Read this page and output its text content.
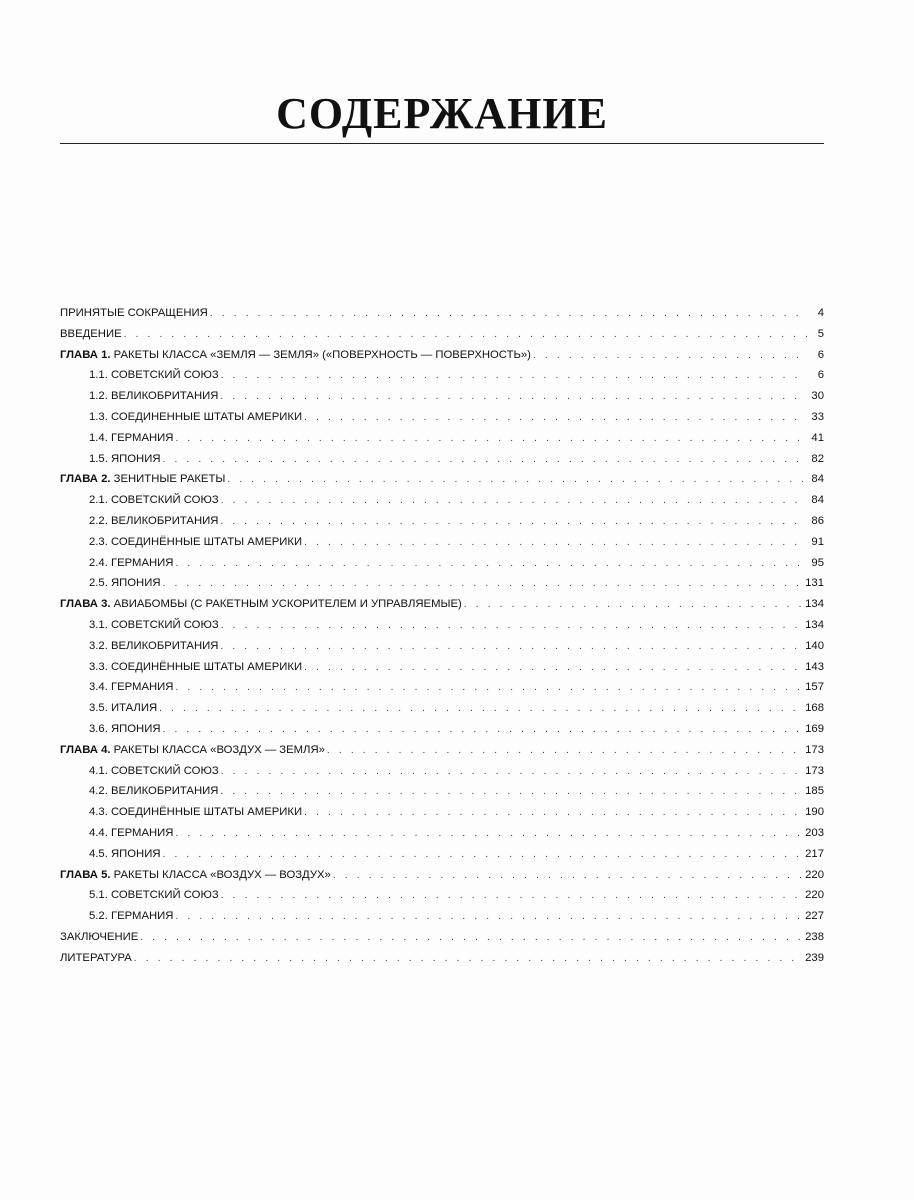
СОДЕРЖАНИЕ
ПРИНЯТЫЕ СОКРАЩЕНИЯ . . .	4
ВВЕДЕНИЕ . . .	5
ГЛАВА 1. РАКЕТЫ КЛАССА «ЗЕМЛЯ — ЗЕМЛЯ» («ПОВЕРХНОСТЬ — ПОВЕРХНОСТЬ») . . .	6
1.1. СОВЕТСКИЙ СОЮЗ . . .	6
1.2. ВЕЛИКОБРИТАНИЯ . . .	30
1.3. СОЕДИНЕННЫЕ ШТАТЫ АМЕРИКИ . . .	33
1.4. ГЕРМАНИЯ . . .	41
1.5. ЯПОНИЯ . . .	82
ГЛАВА 2. ЗЕНИТНЫЕ РАКЕТЫ . . .	84
2.1. СОВЕТСКИЙ СОЮЗ . . .	84
2.2. ВЕЛИКОБРИТАНИЯ . . .	86
2.3. СОЕДИНЁННЫЕ ШТАТЫ АМЕРИКИ . . .	91
2.4. ГЕРМАНИЯ . . .	95
2.5. ЯПОНИЯ . . .	131
ГЛАВА 3. АВИАБОМБЫ (С РАКЕТНЫМ УСКОРИТЕЛЕМ И УПРАВЛЯЕМЫЕ) . . .	134
3.1. СОВЕТСКИЙ СОЮЗ . . .	134
3.2. ВЕЛИКОБРИТАНИЯ . . .	140
3.3. СОЕДИНЁННЫЕ ШТАТЫ АМЕРИКИ . . .	143
3.4. ГЕРМАНИЯ . . .	157
3.5. ИТАЛИЯ . . .	168
3.6. ЯПОНИЯ . . .	169
ГЛАВА 4. РАКЕТЫ КЛАССА «ВОЗДУХ — ЗЕМЛЯ» . . .	173
4.1. СОВЕТСКИЙ СОЮЗ . . .	173
4.2. ВЕЛИКОБРИТАНИЯ . . .	185
4.3. СОЕДИНЁННЫЕ ШТАТЫ АМЕРИКИ . . .	190
4.4. ГЕРМАНИЯ . . .	203
4.5. ЯПОНИЯ . . .	217
ГЛАВА 5. РАКЕТЫ КЛАССА «ВОЗДУХ — ВОЗДУХ» . . .	220
5.1. СОВЕТСКИЙ СОЮЗ . . .	220
5.2. ГЕРМАНИЯ . . .	227
ЗАКЛЮЧЕНИЕ . . .	238
ЛИТЕРАТУРА . . .	239
